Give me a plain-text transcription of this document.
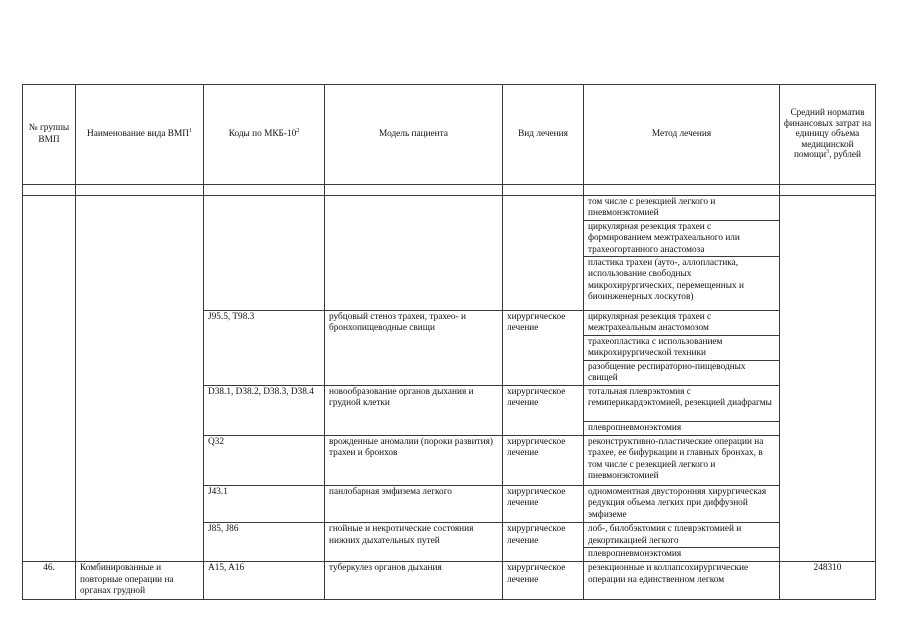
№ группы ВМП	Наименование вида ВМП$^1$	Коды по МКБ-$10^2$	Модель пациента	Вид лечения	Метод лечения	Средний норматив финансовых затрат на единицу объема медицинской помощи$^3$, рублей

					том числе с резекцией легкого и пневмонэктомией
циркулярная резекция трахеи с формированием межтрахеального или трахеогортанного анастомоза
пластика трахеи (ауто-, аллопластика, использование свободных микрохирургических, перемещенных и биоинженерных лоскутов)	

		J95.5, T98.3	рубцовый стеноз трахеи, трахео- и бронхопищеводные свищи	хирургическое лечение	циркулярная резекция трахеи с межтрахеальным анастомозом
трахеопластика с использованием микрохирургической техники
разобщение респираторно-пищеводных свищей	

		D38.1, D38.2, D38.3, D38.4	новообразование органов дыхания и грудной клетки	хирургическое лечение	тотальная плеврэктомия с гемиперикардэктомией, резекцией диафрагмы
плевропневмонэктомия	

		Q32	врожденные аномалии (пороки развития) трахеи и бронхов	хирургическое лечение	реконструктивно-пластические операции на трахее, ее бифуркации и главных бронхах, в том числе с резекцией легкого и пневмонэктомией	
		J43.1	панлобарная эмфизема легкого	хирургическое лечение	одномоментная двусторонняя хирургическая редукция объема легких при диффузной эмфиземе	
		J85, J86	гнойные и некротические состояния нижних дыхательных путей	хирургическое лечение	лоб-, билобэктомия с плеврэктомией и декортикацией легкого
плевропневмонэктомия	

46.	Комбинированные и повторные операции на органах грудной	A15, A16	туберкулез органов дыхания	хирургическое лечение	резекционные и коллапсохирургические операции на единственном легком	248310
